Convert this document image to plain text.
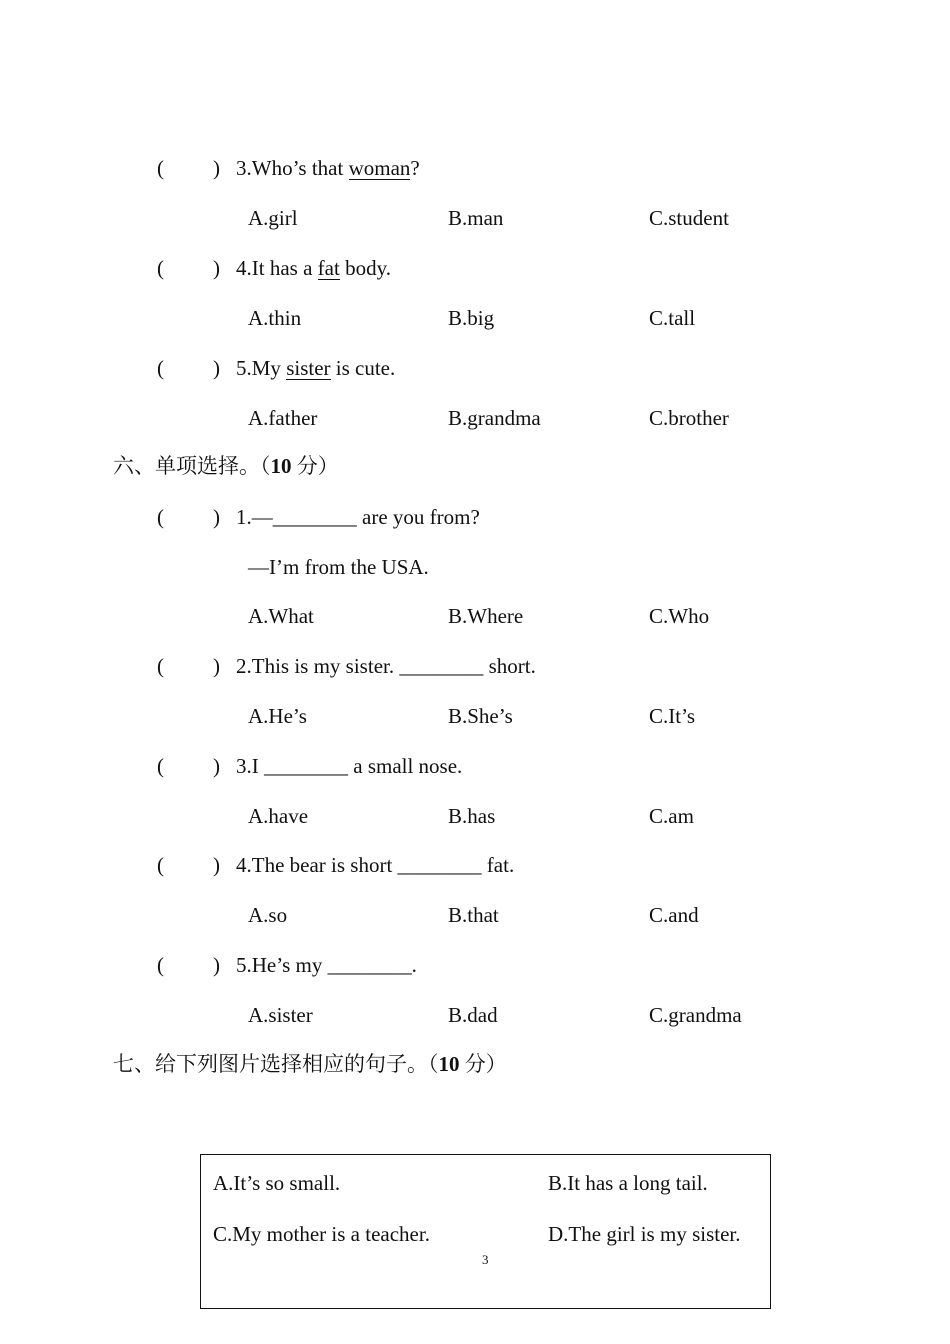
( ) 3.Who’s that woman?
A.girl	B.man	C.student
( ) 4.It has a fat body.
A.thin	B.big	C.tall
( ) 5.My sister is cute.
A.father	B.grandma	C.brother
六、单项选择。（10 分）
( ) 1.—________ are you from?
—I’m from the USA.
A.What	B.Where	C.Who
( ) 2.This is my sister. ________ short.
A.He’s	B.She’s	C.It’s
( ) 3.I ________ a small nose.
A.have	B.has	C.am
( ) 4.The bear is short ________ fat.
A.so	B.that	C.and
( ) 5.He’s my ________.
A.sister	B.dad	C.grandma
七、给下列图片选择相应的句子。（10 分）
A.It’s so small.	B.It has a long tail.
C.My mother is a teacher.	D.The girl is my sister.
3
